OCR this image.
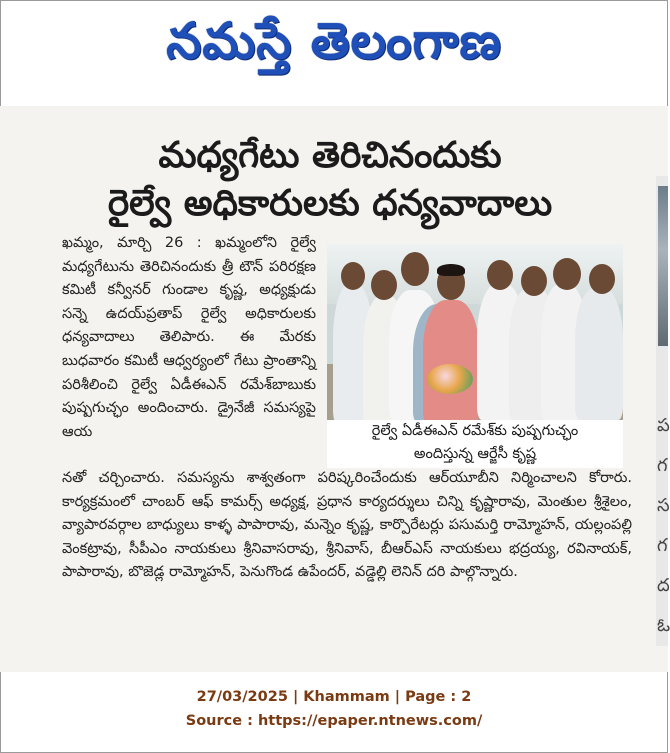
నమస్తే తెలంగాణ
ప
గ
స
గ
ద
ఓ
మధ్యగేటు తెరిచినందుకు
రైల్వే అధికారులకు ధన్యవాదాలు
ఖమ్మం, మార్చి 26 : ఖమ్మంలోని రైల్వే మధ్యగేటును తెరిచినందుకు త్రీ టౌన్ పరిరక్షణ కమిటీ కన్వీనర్ గుండాల కృష్ణ, అధ్యక్షుడు సన్నె ఉదయ్‌ప్రతాప్ రైల్వే అధికారులకు ధన్యవాదాలు తెలిపారు. ఈ మేరకు బుధవారం కమిటీ ఆధ్వర్యంలో గేటు ప్రాంతాన్ని పరిశీలించి రైల్వే ఏడీఈఎన్ రమేశ్‌బాబుకు పుష్పగుచ్ఛం అందించారు. డ్రైనేజీ సమస్యపై ఆయ	రైల్వే ఏడీఈఎన్ రమేశ్‌కు పుష్పగుచ్ఛం
అందిస్తున్న ఆర్జేసీ కృష్ణ
నతో చర్చించారు. సమస్యను శాశ్వతంగా పరిష్కరించేందుకు ఆర్‌యూబీని నిర్మించాలని కోరారు. కార్యక్రమంలో చాంబర్ ఆఫ్ కామర్స్ అధ్యక్ష, ప్రధాన కార్యదర్శులు చిన్ని కృష్ణారావు, మెంతుల శ్రీశైలం, వ్యాపారవర్గాల బాధ్యులు కాళ్ళ పాపారావు, మన్నెం కృష్ణ, కార్పొరేటర్లు పసుమర్తి రామ్మోహన్, యల్లంపల్లి వెంకట్రావు, సీపీఎం నాయకులు శ్రీనివాసరావు, శ్రీనివాస్, బీఆర్ఎస్ నాయకులు భద్రయ్య, రవినాయక్, పాపారావు, బొజెడ్ల రామ్మోహన్, పెనుగొండ ఉపేందర్, వడ్డెల్లి లెనిన్ దరి పాల్గొన్నారు.
27/03/2025 | Khammam | Page : 2
Source : https://epaper.ntnews.com/
